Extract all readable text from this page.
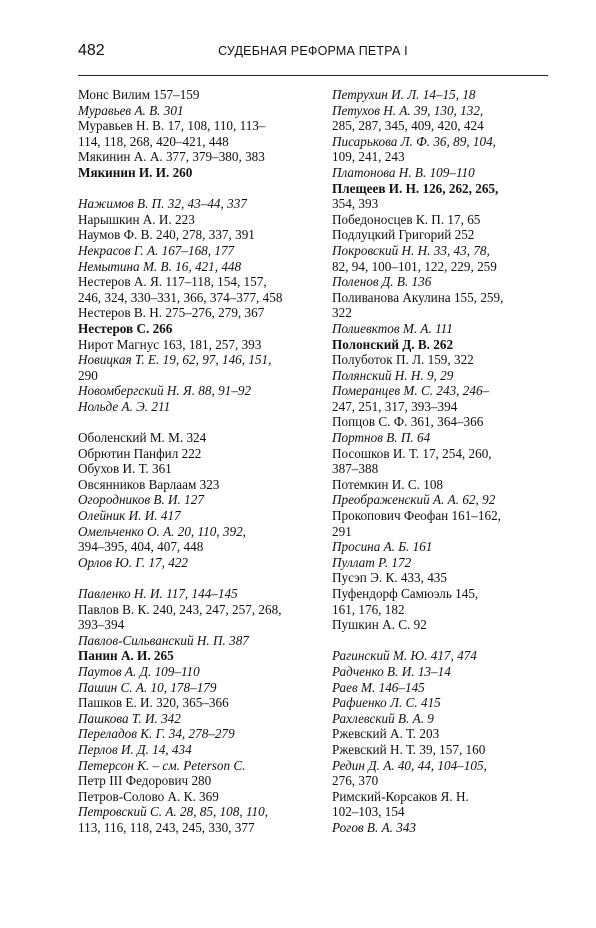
482	СУДЕБНАЯ РЕФОРМА ПЕТРА I
Монс Вилим 157–159
Муравьев А. В. 301
Муравьев Н. В. 17, 108, 110, 113–
114, 118, 268, 420–421, 448
Мякинин А. А. 377, 379–380, 383
Мякинин И. И. 260
Нажимов В. П. 32, 43–44, 337
Нарышкин А. И. 223
Наумов Ф. В. 240, 278, 337, 391
Некрасов Г. А. 167–168, 177
Немытина М. В. 16, 421, 448
Нестеров А. Я. 117–118, 154, 157,
246, 324, 330–331, 366, 374–377, 458
Нестеров В. Н. 275–276, 279, 367
Нестеров С. 266
Нирот Магнус 163, 181, 257, 393
Новицкая Т. Е. 19, 62, 97, 146, 151,
290
Новомбергский Н. Я. 88, 91–92
Нольде А. Э. 211
Оболенский М. М. 324
Обрютин Панфил 222
Обухов И. Т. 361
Овсянников Варлаам 323
Огородников В. И. 127
Олейник И. И. 417
Омельченко О. А. 20, 110, 392,
394–395, 404, 407, 448
Орлов Ю. Г. 17, 422
Павленко Н. И. 117, 144–145
Павлов В. К. 240, 243, 247, 257, 268,
393–394
Павлов-Сильванский Н. П. 387
Панин А. И. 265
Паутов А. Д. 109–110
Пашин С. А. 10, 178–179
Пашков Е. И. 320, 365–366
Пашкова Т. И. 342
Переладов К. Г. 34, 278–279
Перлов И. Д. 14, 434
Петерсон К. – см. Peterson C.
Петр III Федорович 280
Петров-Солово А. К. 369
Петровский С. А. 28, 85, 108, 110,
113, 116, 118, 243, 245, 330, 377
Петрухин И. Л. 14–15, 18
Петухов Н. А. 39, 130, 132,
285, 287, 345, 409, 420, 424
Писарькова Л. Ф. 36, 89, 104,
109, 241, 243
Платонова Н. В. 109–110
Плещеев И. Н. 126, 262, 265,
354, 393
Победоносцев К. П. 17, 65
Подлуцкий Григорий 252
Покровский Н. Н. 33, 43, 78,
82, 94, 100–101, 122, 229, 259
Поленов Д. В. 136
Поливанова Акулина 155, 259,
322
Полиевктов М. А. 111
Полонский Д. В. 262
Полуботок П. Л. 159, 322
Полянский Н. Н. 9, 29
Померанцев М. С. 243, 246–
247, 251, 317, 393–394
Попцов С. Ф. 361, 364–366
Портнов В. П. 64
Посошков И. Т. 17, 254, 260,
387–388
Потемкин И. С. 108
Преображенский А. А. 62, 92
Прокопович Феофан 161–162,
291
Просина А. Б. 161
Пуллат Р. 172
Пусэп Э. К. 433, 435
Пуфендорф Самюэль 145,
161, 176, 182
Пушкин А. С. 92
Рагинский М. Ю. 417, 474
Радченко В. И. 13–14
Раев М. 146–145
Рафиенко Л. С. 415
Рахлевский В. А. 9
Ржевский А. Т. 203
Ржевский Н. Т. 39, 157, 160
Редин Д. А. 40, 44, 104–105,
276, 370
Римский-Корсаков Я. Н.
102–103, 154
Рогов В. А. 343
